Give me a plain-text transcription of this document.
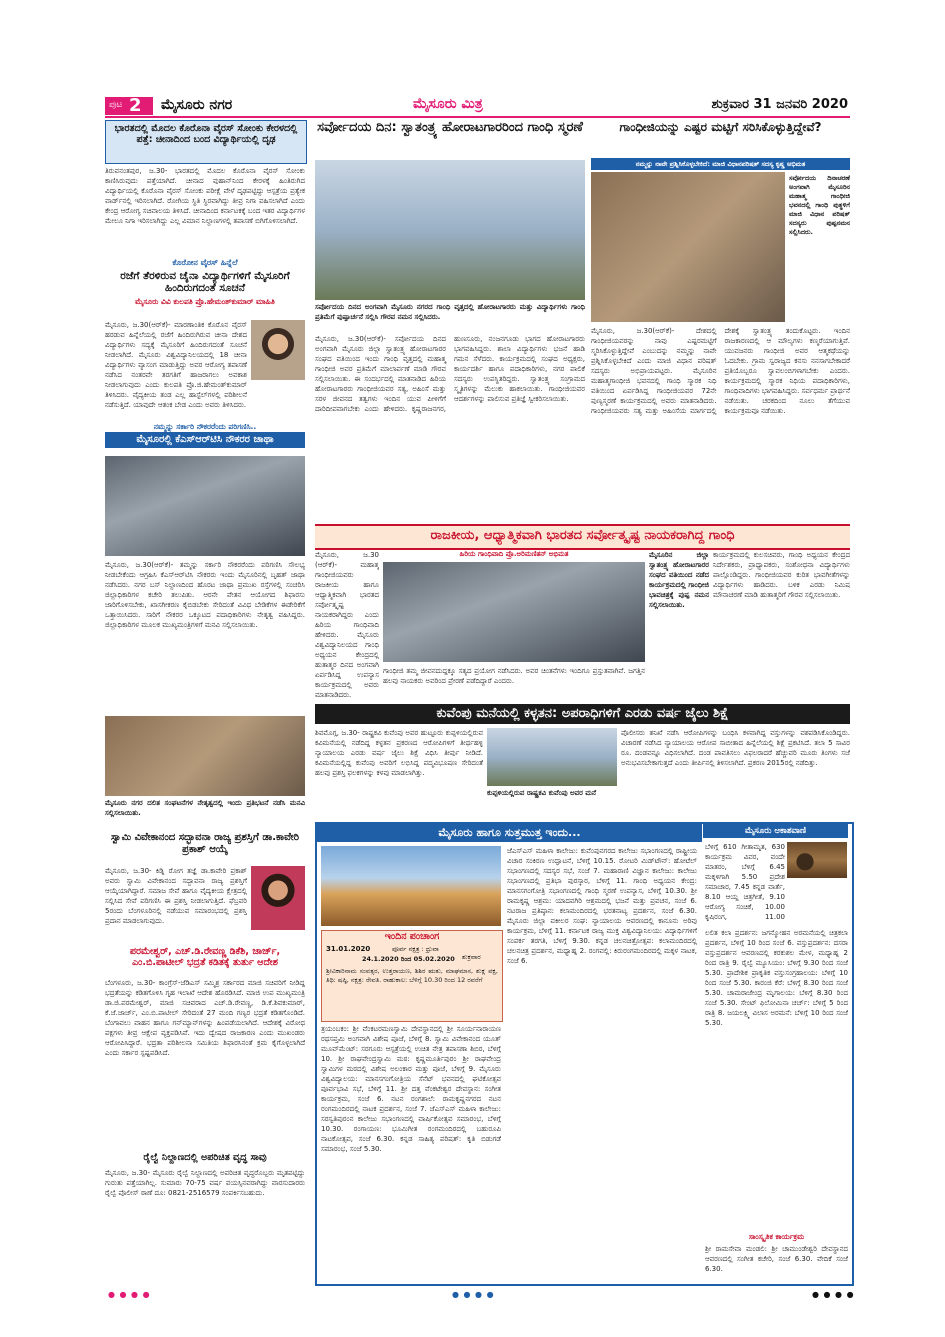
ಪುಟ 2 ಮೈಸೂರು ನಗರ	ಮೈಸೂರು ಮಿತ್ರ	ಶುಕ್ರವಾರ 31 ಜನವರಿ 2020
ಭಾರತದಲ್ಲಿ ಮೊದಲ ಕೊರೊನಾ ವೈರಸ್ ಸೋಂಕು ಕೇರಳದಲ್ಲಿ ಪತ್ತೆ: ಚೀನಾದಿಂದ ಬಂದ ವಿದ್ಯಾರ್ಥಿಯಲ್ಲಿ ದೃಢ
ತಿರುವನಂತಪುರ, ಜ.30- ಭಾರತದಲ್ಲಿ ಮೊದಲ ಕೊರೊನಾ ವೈರಸ್ ಸೋಂಕು ಕಾಣಿಸಿರುವುದು ಪತ್ತೆಯಾಗಿದೆ. ಚೀನಾದ ವುಹಾನ್‌ನಿಂದ ಕೇರಳಕ್ಕೆ ಹಿಂತಿರುಗಿದ ವಿದ್ಯಾರ್ಥಿಯಲ್ಲಿ ಕೊರೊನಾ ವೈರಸ್ ಸೋಂಕು ಪರೀಕ್ಷೆ ವೇಳೆ ದೃಢಪಟ್ಟಿದ್ದು ಆಸ್ಪತ್ರೆಯ ಪ್ರತ್ಯೇಕ ವಾರ್ಡ್‌ನಲ್ಲಿ ಇರಿಸಲಾಗಿದೆ. ರೋಗಿಯ ಸ್ಥಿತಿ ಸ್ಥಿರವಾಗಿದ್ದು ತೀವ್ರ ನಿಗಾ ವಹಿಸಲಾಗಿದೆ ಎಂದು ಕೇಂದ್ರ ಆರೋಗ್ಯ ಸಚಿವಾಲಯ ತಿಳಿಸಿದೆ. ಚೀನಾದಿಂದ ಕರ್ನಾಟಕಕ್ಕೆ ಬಂದ ಇತರ ವಿದ್ಯಾರ್ಥಿಗಳ ಮೇಲೂ ನಿಗಾ ಇರಿಸಲಾಗಿದ್ದು ಎಲ್ಲ ವಿಮಾನ ನಿಲ್ದಾಣಗಳಲ್ಲಿ ತಪಾಸಣೆ ಬಿಗಿಗೊಳಿಸಲಾಗಿದೆ.
ಕೊರೋನ ವೈರಸ್ ಹಿನ್ನೆಲೆ
ರಜೆಗೆ ತೆರಳಿರುವ ಚೈನಾ ವಿದ್ಯಾರ್ಥಿಗಳಿಗೆ ಮೈಸೂರಿಗೆ ಹಿಂದಿರುಗದಂತೆ ಸೂಚನೆ
ಮೈಸೂರು ವಿವಿ ಕುಲಪತಿ ಪ್ರೊ.ಹೇಮಂತ್‌ಕುಮಾರ್ ಮಾಹಿತಿ
ಮೈಸೂರು, ಜ.30(ಆರ್‌ಕೆ)- ಮಾರಣಾಂತಿಕ ಕೊರೊನ ವೈರಸ್ ಹರಡುವ ಹಿನ್ನೆಲೆಯಲ್ಲಿ ರಜೆಗೆ ಹಿಂದಿರುಗಿರುವ ಚೀನಾ ದೇಶದ ವಿದ್ಯಾರ್ಥಿಗಳು ಸದ್ಯಕ್ಕೆ ಮೈಸೂರಿಗೆ ಹಿಂದಿರುಗದಂತೆ ಸೂಚನೆ ನೀಡಲಾಗಿದೆ. ಮೈಸೂರು ವಿಶ್ವವಿದ್ಯಾನಿಲಯದಲ್ಲಿ 18 ಚೀನಾ ವಿದ್ಯಾರ್ಥಿಗಳು ವ್ಯಾಸಂಗ ಮಾಡುತ್ತಿದ್ದು ಅವರ ಆರೋಗ್ಯ ತಪಾಸಣೆ ನಡೆಸಿದ ನಂತರವೇ ತರಗತಿಗೆ ಹಾಜರಾಗಲು ಅವಕಾಶ ನೀಡಲಾಗುವುದು ಎಂದು ಕುಲಪತಿ ಪ್ರೊ.ಜಿ.ಹೇಮಂತ್‌ಕುಮಾರ್ ತಿಳಿಸಿದರು. ವೈದ್ಯಕೀಯ ತಂಡ ಎಲ್ಲ ಹಾಸ್ಟೆಲ್‌ಗಳಲ್ಲಿ ಪರಿಶೀಲನೆ ನಡೆಸುತ್ತಿದೆ. ಯಾವುದೇ ಆತಂಕ ಬೇಡ ಎಂದು ಅವರು ತಿಳಿಸಿದರು.
ನಮ್ಮನ್ನು ಸರ್ಕಾರಿ ನೌಕರರೆಂದು ಪರಿಗಣಿಸಿ..
ಮೈಸೂರಲ್ಲಿ ಕೆಎಸ್‌ಆರ್‌ಟಿಸಿ ನೌಕರರ ಜಾಥಾ
ಮೈಸೂರು, ಜ.30(ಆರ್‌ಕೆ)- ತಮ್ಮನ್ನು ಸರ್ಕಾರಿ ನೌಕರರೆಂದು ಪರಿಗಣಿಸಿ ಸೌಲಭ್ಯ ನೀಡಬೇಕೆಂದು ಆಗ್ರಹಿಸಿ ಕೆಎಸ್‌ಆರ್‌ಟಿಸಿ ನೌಕರರು ಇಂದು ಮೈಸೂರಿನಲ್ಲಿ ಬೃಹತ್ ಜಾಥಾ ನಡೆಸಿದರು. ನಗರ ಬಸ್ ನಿಲ್ದಾಣದಿಂದ ಹೊರಟ ಜಾಥಾ ಪ್ರಮುಖ ರಸ್ತೆಗಳಲ್ಲಿ ಸಂಚರಿಸಿ ಜಿಲ್ಲಾಧಿಕಾರಿಗಳ ಕಚೇರಿ ತಲುಪಿತು. ಆರನೇ ವೇತನ ಆಯೋಗದ ಶಿಫಾರಸು ಜಾರಿಗೊಳಿಸಬೇಕು, ಖಾಸಗೀಕರಣ ಕೈಬಿಡಬೇಕು ಸೇರಿದಂತೆ ವಿವಿಧ ಬೇಡಿಕೆಗಳ ಈಡೇರಿಕೆಗೆ ಒತ್ತಾಯಿಸಿದರು. ಸಾರಿಗೆ ನೌಕರರ ಒಕ್ಕೂಟದ ಪದಾಧಿಕಾರಿಗಳು ನೇತೃತ್ವ ವಹಿಸಿದ್ದರು. ಜಿಲ್ಲಾಧಿಕಾರಿಗಳ ಮೂಲಕ ಮುಖ್ಯಮಂತ್ರಿಗಳಿಗೆ ಮನವಿ ಸಲ್ಲಿಸಲಾಯಿತು.
ಮೈಸೂರು ನಗರ ದಲಿತ ಸಂಘಟನೆಗಳ ನೇತೃತ್ವದಲ್ಲಿ ಇಂದು ಪ್ರತಿಭಟನೆ ನಡೆಸಿ ಮನವಿ ಸಲ್ಲಿಸಲಾಯಿತು.
ಸ್ವಾಮಿ ವಿವೇಕಾನಂದ ಸದ್ಭಾವನಾ ರಾಜ್ಯ ಪ್ರಶಸ್ತಿಗೆ ಡಾ.ಕಾವೇರಿ ಪ್ರಕಾಶ್ ಆಯ್ಕೆ
ಮೈಸೂರು, ಜ.30- ಕಿಡ್ನಿ ರೋಗ ತಜ್ಞೆ ಡಾ.ಕಾವೇರಿ ಪ್ರಕಾಶ್ ಅವರು ಸ್ವಾಮಿ ವಿವೇಕಾನಂದ ಸದ್ಭಾವನಾ ರಾಜ್ಯ ಪ್ರಶಸ್ತಿಗೆ ಆಯ್ಕೆಯಾಗಿದ್ದಾರೆ. ಸಮಾಜ ಸೇವೆ ಹಾಗೂ ವೈದ್ಯಕೀಯ ಕ್ಷೇತ್ರದಲ್ಲಿ ಸಲ್ಲಿಸಿದ ಸೇವೆ ಪರಿಗಣಿಸಿ ಈ ಪ್ರಶಸ್ತಿ ನೀಡಲಾಗುತ್ತಿದೆ. ಫೆಬ್ರವರಿ 5ರಂದು ಬೆಂಗಳೂರಿನಲ್ಲಿ ನಡೆಯುವ ಸಮಾರಂಭದಲ್ಲಿ ಪ್ರಶಸ್ತಿ ಪ್ರದಾನ ಮಾಡಲಾಗುವುದು.
ಪರಮೇಶ್ವರ್, ಎಚ್.ಡಿ.ರೇವಣ್ಣ ಡಿಕೆಶಿ, ಜಾರ್ಜ್, ಎಂ.ಬಿ.ಪಾಟೀಲ್ ಭದ್ರತೆ ಕಡಿತಕ್ಕೆ ತುರ್ತು ಆದೇಶ
ಬೆಂಗಳೂರು, ಜ.30- ಕಾಂಗ್ರೆಸ್-ಜೆಡಿಎಸ್ ಸಮ್ಮಿಶ್ರ ಸರ್ಕಾರದ ಮಾಜಿ ಸಚಿವರಿಗೆ ನೀಡಿದ್ದ ಭದ್ರತೆಯನ್ನು ಕಡಿತಗೊಳಿಸಿ ಗೃಹ ಇಲಾಖೆ ಆದೇಶ ಹೊರಡಿಸಿದೆ. ಮಾಜಿ ಉಪ ಮುಖ್ಯಮಂತ್ರಿ ಡಾ.ಜಿ.ಪರಮೇಶ್ವರ್, ಮಾಜಿ ಸಚಿವರಾದ ಎಚ್.ಡಿ.ರೇವಣ್ಣ, ಡಿ.ಕೆ.ಶಿವಕುಮಾರ್, ಕೆ.ಜೆ.ಜಾರ್ಜ್, ಎಂ.ಬಿ.ಪಾಟೀಲ್ ಸೇರಿದಂತೆ 27 ಮಂದಿ ಗಣ್ಯರ ಭದ್ರತೆ ಕಡಿತಗೊಂಡಿದೆ. ಬೆಂಗಾವಲು ವಾಹನ ಹಾಗೂ ಗನ್‌ಮ್ಯಾನ್‌ಗಳನ್ನು ಹಿಂಪಡೆಯಲಾಗಿದೆ. ಆದೇಶಕ್ಕೆ ವಿರೋಧ ಪಕ್ಷಗಳು ತೀವ್ರ ಆಕ್ಷೇಪ ವ್ಯಕ್ತಪಡಿಸಿವೆ. ಇದು ದ್ವೇಷದ ರಾಜಕಾರಣ ಎಂದು ಮುಖಂಡರು ಆರೋಪಿಸಿದ್ದಾರೆ. ಭದ್ರತಾ ಪರಿಶೀಲನಾ ಸಮಿತಿಯ ಶಿಫಾರಸಿನಂತೆ ಕ್ರಮ ಕೈಗೊಳ್ಳಲಾಗಿದೆ ಎಂದು ಸರ್ಕಾರ ಸ್ಪಷ್ಟಪಡಿಸಿದೆ.
ರೈಲ್ವೆ ನಿಲ್ದಾಣದಲ್ಲಿ ಅಪರಿಚಿತ ವೃದ್ಧ ಸಾವು
ಮೈಸೂರು, ಜ.30- ಮೈಸೂರು ರೈಲ್ವೆ ನಿಲ್ದಾಣದಲ್ಲಿ ಅಪರಿಚಿತ ವೃದ್ಧರೊಬ್ಬರು ಮೃತಪಟ್ಟಿದ್ದು ಗುರುತು ಪತ್ತೆಯಾಗಿಲ್ಲ. ಸುಮಾರು 70-75 ವರ್ಷ ವಯಸ್ಸಿನವರಾಗಿದ್ದು ವಾರಸುದಾರರು ರೈಲ್ವೆ ಪೊಲೀಸ್ ಠಾಣೆ ದೂ: 0821-2516579 ಸಂಪರ್ಕಿಸಬಹುದು.
ಸರ್ವೋದಯ ದಿನ: ಸ್ವಾತಂತ್ರ್ಯ ಹೋರಾಟಗಾರರಿಂದ ಗಾಂಧಿ ಸ್ಮರಣೆ
ಸರ್ವೋದಯ ದಿನದ ಅಂಗವಾಗಿ ಮೈಸೂರು ನಗರದ ಗಾಂಧಿ ವೃತ್ತದಲ್ಲಿ ಹೋರಾಟಗಾರರು ಮತ್ತು ವಿದ್ಯಾರ್ಥಿಗಳು ಗಾಂಧಿ ಪ್ರತಿಮೆಗೆ ಪುಷ್ಪಾರ್ಚನೆ ಸಲ್ಲಿಸಿ ಗೌರವ ನಮನ ಸಲ್ಲಿಸಿದರು.
ಮೈಸೂರು, ಜ.30(ಆರ್‌ಕೆ)- ಸರ್ವೋದಯ ದಿನದ ಅಂಗವಾಗಿ ಮೈಸೂರು ಜಿಲ್ಲಾ ಸ್ವಾತಂತ್ರ್ಯ ಹೋರಾಟಗಾರರ ಸಂಘದ ವತಿಯಿಂದ ಇಂದು ಗಾಂಧಿ ವೃತ್ತದಲ್ಲಿ ಮಹಾತ್ಮ ಗಾಂಧೀಜಿ ಅವರ ಪ್ರತಿಮೆಗೆ ಮಾಲಾರ್ಪಣೆ ಮಾಡಿ ಗೌರವ ಸಲ್ಲಿಸಲಾಯಿತು. ಈ ಸಂದರ್ಭದಲ್ಲಿ ಮಾತನಾಡಿದ ಹಿರಿಯ ಹೋರಾಟಗಾರರು ಗಾಂಧೀಜಿಯವರ ಸತ್ಯ, ಅಹಿಂಸೆ ಮತ್ತು ಸರಳ ಜೀವನದ ತತ್ವಗಳು ಇಂದಿನ ಯುವ ಪೀಳಿಗೆಗೆ ದಾರಿದೀಪವಾಗಬೇಕು ಎಂದು ಹೇಳಿದರು. ಕೃಷ್ಣರಾಜನಗರ, ಹುಣಸೂರು, ನಂಜನಗೂಡು ಭಾಗದ ಹೋರಾಟಗಾರರು ಭಾಗವಹಿಸಿದ್ದರು. ಶಾಲಾ ವಿದ್ಯಾರ್ಥಿಗಳು ಭಜನೆ ಹಾಡಿ ಗಮನ ಸೆಳೆದರು. ಕಾರ್ಯಕ್ರಮದಲ್ಲಿ ಸಂಘದ ಅಧ್ಯಕ್ಷರು, ಕಾರ್ಯದರ್ಶಿ ಹಾಗೂ ಪದಾಧಿಕಾರಿಗಳು, ನಗರ ಪಾಲಿಕೆ ಸದಸ್ಯರು ಉಪಸ್ಥಿತರಿದ್ದರು. ಸ್ವಾತಂತ್ರ್ಯ ಸಂಗ್ರಾಮದ ಸ್ಮೃತಿಗಳನ್ನು ಮೆಲುಕು ಹಾಕಲಾಯಿತು. ಗಾಂಧೀಜಿಯವರ ಆದರ್ಶಗಳನ್ನು ಪಾಲಿಸುವ ಪ್ರತಿಜ್ಞೆ ಸ್ವೀಕರಿಸಲಾಯಿತು.
ಗಾಂಧೀಜಿಯನ್ನು ಎಷ್ಟರ ಮಟ್ಟಿಗೆ ಸರಿಸಿಕೊಳ್ಳುತ್ತಿದ್ದೇವೆ?
ನಮ್ಮನ್ನು ನಾವೇ ಪ್ರಶ್ನಿಸಿಕೊಳ್ಳಬೇಕಿದೆ: ಮಾಜಿ ವಿಧಾನಪರಿಷತ್ ಸದಸ್ಯ ಕೃಷ್ಣ ಅಭಿಮತ
ಸರ್ವೋದಯ ದಿನಾಚರಣೆ ಅಂಗವಾಗಿ ಮೈಸೂರಿನ ಮಹಾತ್ಮ ಗಾಂಧೀಜಿ ಭವನದಲ್ಲಿ ಗಾಂಧಿ ಪುತ್ಥಳಿಗೆ ಮಾಜಿ ವಿಧಾನ ಪರಿಷತ್ ಸದಸ್ಯರು ಪುಷ್ಪನಮನ ಸಲ್ಲಿಸಿದರು.
ಮೈಸೂರು, ಜ.30(ಆರ್‌ಕೆ)- ದೇಶದಲ್ಲಿ ಗಾಂಧೀಜಿಯವರನ್ನು ನಾವು ಎಷ್ಟರಮಟ್ಟಿಗೆ ಸ್ಮರಿಸಿಕೊಳ್ಳುತ್ತಿದ್ದೇವೆ ಎಂಬುದನ್ನು ನಮ್ಮನ್ನು ನಾವೇ ಪ್ರಶ್ನಿಸಿಕೊಳ್ಳಬೇಕಿದೆ ಎಂದು ಮಾಜಿ ವಿಧಾನ ಪರಿಷತ್ ಸದಸ್ಯರು ಅಭಿಪ್ರಾಯಪಟ್ಟರು. ಮೈಸೂರಿನ ಮಹಾತ್ಮಗಾಂಧೀಜಿ ಭವನದಲ್ಲಿ ಗಾಂಧಿ ಸ್ಮಾರಕ ನಿಧಿ ವತಿಯಿಂದ ಏರ್ಪಡಿಸಿದ್ದ ಗಾಂಧೀಜಿಯವರ 72ನೇ ಪುಣ್ಯಸ್ಮರಣೆ ಕಾರ್ಯಕ್ರಮದಲ್ಲಿ ಅವರು ಮಾತನಾಡಿದರು. ಗಾಂಧೀಜಿಯವರು ಸತ್ಯ ಮತ್ತು ಅಹಿಂಸೆಯ ಮಾರ್ಗದಲ್ಲಿ ದೇಶಕ್ಕೆ ಸ್ವಾತಂತ್ರ್ಯ ತಂದುಕೊಟ್ಟರು. ಇಂದಿನ ರಾಜಕಾರಣದಲ್ಲಿ ಆ ಮೌಲ್ಯಗಳು ಕಣ್ಮರೆಯಾಗುತ್ತಿವೆ. ಯುವಜನರು ಗಾಂಧೀಜಿ ಅವರ ಆತ್ಮಕಥೆಯನ್ನು ಓದಬೇಕು. ಗ್ರಾಮ ಸ್ವರಾಜ್ಯದ ಕನಸು ನನಸಾಗಬೇಕಾದರೆ ಪ್ರತಿಯೊಬ್ಬರೂ ಸ್ವಾವಲಂಬಿಗಳಾಗಬೇಕು ಎಂದರು. ಕಾರ್ಯಕ್ರಮದಲ್ಲಿ ಸ್ಮಾರಕ ನಿಧಿಯ ಪದಾಧಿಕಾರಿಗಳು, ಗಾಂಧಿವಾದಿಗಳು ಭಾಗವಹಿಸಿದ್ದರು. ಸರ್ವಧರ್ಮ ಪ್ರಾರ್ಥನೆ ನಡೆಯಿತು. ಚರಕದಿಂದ ನೂಲು ತೆಗೆಯುವ ಕಾರ್ಯಕ್ರಮವೂ ನಡೆಯಿತು.
ರಾಜಕೀಯ, ಆಧ್ಯಾತ್ಮಿಕವಾಗಿ ಭಾರತದ ಸರ್ವೋತ್ಕೃಷ್ಟ ನಾಯಕರಾಗಿದ್ದ ಗಾಂಧಿ
ಮೈಸೂರು, ಜ.30 (ಆರ್‌ಕೆ)- ಮಹಾತ್ಮ ಗಾಂಧೀಜಿಯವರು ರಾಜಕೀಯ ಹಾಗೂ ಆಧ್ಯಾತ್ಮಿಕವಾಗಿ ಭಾರತದ ಸರ್ವೋತ್ಕೃಷ್ಟ ನಾಯಕರಾಗಿದ್ದರು ಎಂದು ಹಿರಿಯ ಗಾಂಧಿವಾದಿ ಹೇಳಿದರು. ಮೈಸೂರು ವಿಶ್ವವಿದ್ಯಾನಿಲಯದ ಗಾಂಧಿ ಅಧ್ಯಯನ ಕೇಂದ್ರದಲ್ಲಿ ಹುತಾತ್ಮರ ದಿನದ ಅಂಗವಾಗಿ ಏರ್ಪಡಿಸಿದ್ದ ಉಪನ್ಯಾಸ ಕಾರ್ಯಕ್ರಮದಲ್ಲಿ ಅವರು ಮಾತನಾಡಿದರು.
ಹಿರಿಯ ಗಾಂಧಿವಾದಿ ಪ್ರೊ.ಅರಿಮಣಿತನ್ ಅಭಿಮತ
ಗಾಂಧೀಜಿ ತಮ್ಮ ಜೀವನದುದ್ದಕ್ಕೂ ಸತ್ಯದ ಪ್ರಯೋಗ ನಡೆಸಿದರು. ಅವರ ಚಿಂತನೆಗಳು ಇಂದಿಗೂ ಪ್ರಸ್ತುತವಾಗಿವೆ. ಜಗತ್ತಿನ ಹಲವು ನಾಯಕರು ಅವರಿಂದ ಪ್ರೇರಣೆ ಪಡೆದಿದ್ದಾರೆ ಎಂದರು.
ಮೈಸೂರಿನ ಜಿಲ್ಲಾ ಸ್ವಾತಂತ್ರ್ಯ ಹೋರಾಟಗಾರರ ಸಂಘದ ವತಿಯಿಂದ ನಡೆದ ಕಾರ್ಯಕ್ರಮದಲ್ಲಿ ಗಾಂಧೀಜಿ ಭಾವಚಿತ್ರಕ್ಕೆ ಪುಷ್ಪ ನಮನ ಸಲ್ಲಿಸಲಾಯಿತು.
ಕಾರ್ಯಕ್ರಮದಲ್ಲಿ ಕುಲಸಚಿವರು, ಗಾಂಧಿ ಅಧ್ಯಯನ ಕೇಂದ್ರದ ನಿರ್ದೇಶಕರು, ಪ್ರಾಧ್ಯಾಪಕರು, ಸಂಶೋಧನಾ ವಿದ್ಯಾರ್ಥಿಗಳು ಪಾಲ್ಗೊಂಡಿದ್ದರು. ಗಾಂಧೀಜಿಯವರ ಕುರಿತ ಭಾವಗೀತೆಗಳನ್ನು ವಿದ್ಯಾರ್ಥಿಗಳು ಹಾಡಿದರು. ಬಳಿಕ ಎರಡು ನಿಮಿಷ ಮೌನಾಚರಣೆ ಮಾಡಿ ಹುತಾತ್ಮರಿಗೆ ಗೌರವ ಸಲ್ಲಿಸಲಾಯಿತು.
ಕುವೆಂಪು ಮನೆಯಲ್ಲಿ ಕಳ್ಳತನ: ಅಪರಾಧಿಗಳಿಗೆ ಎರಡು ವರ್ಷ ಜೈಲು ಶಿಕ್ಷೆ
ಶಿವಮೊಗ್ಗ, ಜ.30- ರಾಷ್ಟ್ರಕವಿ ಕುವೆಂಪು ಅವರ ಹುಟ್ಟೂರು ಕುಪ್ಪಳಿಯಲ್ಲಿರುವ ಕವಿಮನೆಯಲ್ಲಿ ನಡೆದಿದ್ದ ಕಳ್ಳತನ ಪ್ರಕರಣದ ಆರೋಪಿಗಳಿಗೆ ತೀರ್ಥಹಳ್ಳಿ ನ್ಯಾಯಾಲಯ ಎರಡು ವರ್ಷ ಜೈಲು ಶಿಕ್ಷೆ ವಿಧಿಸಿ ತೀರ್ಪು ನೀಡಿದೆ. ಕವಿಮನೆಯಲ್ಲಿದ್ದ ಕುವೆಂಪು ಅವರಿಗೆ ಲಭಿಸಿದ್ದ ಪದ್ಮವಿಭೂಷಣ ಸೇರಿದಂತೆ ಹಲವು ಪ್ರಶಸ್ತಿ ಫಲಕಗಳನ್ನು ಕಳವು ಮಾಡಲಾಗಿತ್ತು.
ಕುಪ್ಪಳಿಯಲ್ಲಿರುವ ರಾಷ್ಟ್ರಕವಿ ಕುವೆಂಪು ಅವರ ಮನೆ
ಪೊಲೀಸರು ತನಿಖೆ ನಡೆಸಿ ಆರೋಪಿಗಳನ್ನು ಬಂಧಿಸಿ ಕಳವಾಗಿದ್ದ ವಸ್ತುಗಳನ್ನು ವಶಪಡಿಸಿಕೊಂಡಿದ್ದರು. ವಿಚಾರಣೆ ನಡೆಸಿದ ನ್ಯಾಯಾಲಯ ಆರೋಪ ಸಾಬೀತಾದ ಹಿನ್ನೆಲೆಯಲ್ಲಿ ಶಿಕ್ಷೆ ಪ್ರಕಟಿಸಿದೆ. ತಲಾ 5 ಸಾವಿರ ರೂ. ದಂಡವನ್ನೂ ವಿಧಿಸಲಾಗಿದೆ. ದಂಡ ಪಾವತಿಸಲು ವಿಫಲರಾದರೆ ಹೆಚ್ಚುವರಿ ಮೂರು ತಿಂಗಳು ಸಜೆ ಅನುಭವಿಸಬೇಕಾಗುತ್ತದೆ ಎಂದು ತೀರ್ಪಿನಲ್ಲಿ ತಿಳಿಸಲಾಗಿದೆ. ಪ್ರಕರಣ 2015ರಲ್ಲಿ ನಡೆದಿತ್ತು.
ಮೈಸೂರು ಹಾಗೂ ಸುತ್ತಮುತ್ತ ಇಂದು...
ಇಂದಿನ ಪಂಚಾಂಗ
31.01.2020	ಪೂರ್ವ ನಕ್ಷತ್ರ : ಧ್ರುವಾ
ಶುಕ್ರವಾರ
24.1.2020 ರಿಂದ 05.02.2020
ಶ್ರೀವಿಕಾರಿನಾಮ ಸಂವತ್ಸರ, ಉತ್ತರಾಯಣ, ಶಿಶಿರ ಋತು, ಮಾಘಮಾಸ, ಶುಕ್ಲ ಪಕ್ಷ, ತಿಥಿ: ಷಷ್ಠಿ, ನಕ್ಷತ್ರ: ರೇವತಿ. ರಾಹುಕಾಲ: ಬೆಳಿಗ್ಗೆ 10.30 ರಿಂದ 12 ರವರೆಗೆ
ತ್ರಯಂಬಕಂ: ಶ್ರೀ ವೆಂಕಟರಮಣಸ್ವಾಮಿ ದೇವಸ್ಥಾನದಲ್ಲಿ ಶ್ರೀ ಸೂರ್ಯನಾರಾಯಣ ರಥಸಪ್ತಮಿ ಅಂಗವಾಗಿ ವಿಶೇಷ ಪೂಜೆ, ಬೆಳಿಗ್ಗೆ 8. ಸ್ವಾಮಿ ವಿವೇಕಾನಂದ ಯೂತ್ ಮೂವ್‌ಮೆಂಟ್: ಸರಗೂರು ಆಸ್ಪತ್ರೆಯಲ್ಲಿ ಉಚಿತ ನೇತ್ರ ತಪಾಸಣಾ ಶಿಬಿರ, ಬೆಳಿಗ್ಗೆ 10. ಶ್ರೀ ರಾಘವೇಂದ್ರಸ್ವಾಮಿ ಮಠ: ಕೃಷ್ಣಮೂರ್ತಿಪುರಂ ಶ್ರೀ ರಾಘವೇಂದ್ರ ಸ್ವಾಮಿಗಳ ಮಠದಲ್ಲಿ ವಿಶೇಷ ಅಲಂಕಾರ ಮತ್ತು ಪೂಜೆ, ಬೆಳಿಗ್ಗೆ 9. ಮೈಸೂರು ವಿಶ್ವವಿದ್ಯಾಲಯ: ಮಾನಸಗಂಗೋತ್ರಿಯ ಸೆನೆಟ್ ಭವನದಲ್ಲಿ ಘಟಿಕೋತ್ಸವ ಪೂರ್ವಭಾವಿ ಸಭೆ, ಬೆಳಿಗ್ಗೆ 11. ಶ್ರೀ ದತ್ತ ವೆಂಕಟೇಶ್ವರ ದೇವಸ್ಥಾನ: ಸಂಗೀತ ಕಾರ್ಯಕ್ರಮ, ಸಂಜೆ 6. ನಟನ ರಂಗಶಾಲೆ: ರಾಮಕೃಷ್ಣನಗರದ ನಟನ ರಂಗಮಂದಿರದಲ್ಲಿ ನಾಟಕ ಪ್ರದರ್ಶನ, ಸಂಜೆ 7. ಜೆಎಸ್‌ಎಸ್ ಮಹಿಳಾ ಕಾಲೇಜು: ಸರಸ್ವತಿಪುರಂನ ಕಾಲೇಜು ಸಭಾಂಗಣದಲ್ಲಿ ವಾರ್ಷಿಕೋತ್ಸವ ಸಮಾರಂಭ, ಬೆಳಿಗ್ಗೆ 10.30. ರಂಗಾಯಣ: ಭೂಮಿಗೀತ ರಂಗಮಂದಿರದಲ್ಲಿ ಬಹುರೂಪಿ ನಾಟಕೋತ್ಸವ, ಸಂಜೆ 6.30. ಕನ್ನಡ ಸಾಹಿತ್ಯ ಪರಿಷತ್: ಕೃತಿ ಬಿಡುಗಡೆ ಸಮಾರಂಭ, ಸಂಜೆ 5.30.
ಜೆಎಸ್‌ಎಸ್ ಮಹಿಳಾ ಕಾಲೇಜು: ಕುವೆಂಪುನಗರದ ಕಾಲೇಜು ಸಭಾಂಗಣದಲ್ಲಿ ರಾಷ್ಟ್ರೀಯ ವಿಚಾರ ಸಂಕಿರಣ ಉದ್ಘಾಟನೆ, ಬೆಳಿಗ್ಗೆ 10.15. ರೋಟರಿ ಮಿಡ್‌ಟೌನ್: ಹೋಟೆಲ್ ಸಭಾಂಗಣದಲ್ಲಿ ಸದಸ್ಯರ ಸಭೆ, ಸಂಜೆ 7. ಮಹಾರಾಣಿ ವಿಜ್ಞಾನ ಕಾಲೇಜು: ಕಾಲೇಜು ಸಭಾಂಗಣದಲ್ಲಿ ಪ್ರತಿಭಾ ಪುರಸ್ಕಾರ, ಬೆಳಿಗ್ಗೆ 11. ಗಾಂಧಿ ಅಧ್ಯಯನ ಕೇಂದ್ರ: ಮಾನಸಗಂಗೋತ್ರಿ ಸಭಾಂಗಣದಲ್ಲಿ ಗಾಂಧಿ ಸ್ಮರಣೆ ಉಪನ್ಯಾಸ, ಬೆಳಿಗ್ಗೆ 10.30. ಶ್ರೀ ರಾಮಕೃಷ್ಣ ಆಶ್ರಮ: ಯಾದವಗಿರಿ ಆಶ್ರಮದಲ್ಲಿ ಭಜನೆ ಮತ್ತು ಪ್ರವಚನ, ಸಂಜೆ 6. ನಟರಾಜ ಪ್ರತಿಷ್ಠಾನ: ಕಲಾಮಂದಿರದಲ್ಲಿ ಭರತನಾಟ್ಯ ಪ್ರದರ್ಶನ, ಸಂಜೆ 6.30. ಮೈಸೂರು ಜಿಲ್ಲಾ ವಕೀಲರ ಸಂಘ: ನ್ಯಾಯಾಲಯ ಆವರಣದಲ್ಲಿ ಕಾನೂನು ಅರಿವು ಕಾರ್ಯಕ್ರಮ, ಬೆಳಿಗ್ಗೆ 11. ಕರ್ನಾಟಕ ರಾಜ್ಯ ಮುಕ್ತ ವಿಶ್ವವಿದ್ಯಾನಿಲಯ: ವಿದ್ಯಾರ್ಥಿಗಳಿಗೆ ಸಂಪರ್ಕ ತರಗತಿ, ಬೆಳಿಗ್ಗೆ 9.30. ಕನ್ನಡ ಚಲನಚಿತ್ರೋತ್ಸವ: ಕಲಾಮಂದಿರದಲ್ಲಿ ಚಲನಚಿತ್ರ ಪ್ರದರ್ಶನ, ಮಧ್ಯಾಹ್ನ 2. ರಂಗವಲ್ಲಿ: ಕಿರುರಂಗಮಂದಿರದಲ್ಲಿ ಮಕ್ಕಳ ನಾಟಕ, ಸಂಜೆ 6.
ಮೈಸೂರು ಆಕಾಶವಾಣಿ
ಬೆಳಿಗ್ಗೆ 610 ಗೀತಾಮೃತ, 630 ಕಾರ್ಯಕ್ರಮ ವಿವರ, ವಂದೇ ಮಾತರಂ, ಬೆಳಿಗ್ಗೆ 6.45 ಮಕ್ಕಳಿಗಾಗಿ 5.50 ಪ್ರದೇಶ ಸಮಾಚಾರ, 7.45 ಕನ್ನಡ ವಾರ್ತೆ, 8.10 ಆಯ್ದ ಚಿತ್ರಗೀತೆ, 9.10 ಆರೋಗ್ಯ ಸಂಚಿಕೆ, 10.00 ಕೃಷಿರಂಗ, 11.00
ಲಲಿತ ಕಲಾ ಪ್ರದರ್ಶನ: ಜಗನ್ಮೋಹನ ಅರಮನೆಯಲ್ಲಿ ಚಿತ್ರಕಲಾ ಪ್ರದರ್ಶನ, ಬೆಳಿಗ್ಗೆ 10 ರಿಂದ ಸಂಜೆ 6. ವಸ್ತುಪ್ರದರ್ಶನ: ದಸರಾ ವಸ್ತುಪ್ರದರ್ಶನ ಆವರಣದಲ್ಲಿ ಕರಕುಶಲ ಮೇಳ, ಮಧ್ಯಾಹ್ನ 2 ರಿಂದ ರಾತ್ರಿ 9. ರೈಲ್ವೆ ಮ್ಯೂಸಿಯಂ: ಬೆಳಿಗ್ಗೆ 9.30 ರಿಂದ ಸಂಜೆ 5.30. ಪ್ರಾದೇಶಿಕ ಪ್ರಾಕೃತಿಕ ವಸ್ತುಸಂಗ್ರಹಾಲಯ: ಬೆಳಿಗ್ಗೆ 10 ರಿಂದ ಸಂಜೆ 5.30. ಕಾರಂಜಿ ಕೆರೆ: ಬೆಳಿಗ್ಗೆ 8.30 ರಿಂದ ಸಂಜೆ 5.30. ಚಾಮರಾಜೇಂದ್ರ ಮೃಗಾಲಯ: ಬೆಳಿಗ್ಗೆ 8.30 ರಿಂದ ಸಂಜೆ 5.30. ಸೇಂಟ್ ಫಿಲೋಮಿನಾ ಚರ್ಚ್: ಬೆಳಿಗ್ಗೆ 5 ರಿಂದ ರಾತ್ರಿ 8. ಜಯಲಕ್ಷ್ಮಿ ವಿಲಾಸ ಅರಮನೆ: ಬೆಳಿಗ್ಗೆ 10 ರಿಂದ ಸಂಜೆ 5.30.
ಸಾಂಸ್ಕೃತಿಕ ಕಾರ್ಯಕ್ರಮ
ಶ್ರೀ ರಾಮಸೇವಾ ಮಂಡಲಿ: ಶ್ರೀ ಚಾಮುಂಡೇಶ್ವರಿ ದೇವಸ್ಥಾನದ ಆವರಣದಲ್ಲಿ ಸಂಗೀತ ಕಚೇರಿ, ಸಂಜೆ 6.30. ವೇದಿಕೆ ಸಂಜೆ 6.30.
● ● ● ●	● ● ● ●	● ● ● ●
